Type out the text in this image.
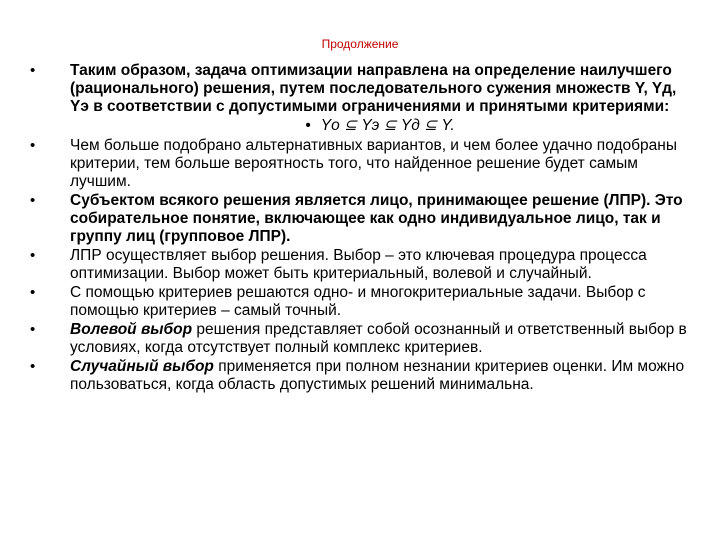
Продолжение
•	Таким образом, задача оптимизации направлена на определение наилучшего (рационального) решения, путем последовательного сужения множеств Y, Yд, Yэ в соответствии с допустимыми ограничениями и принятыми критериями:
• Yо ⊆ Yэ ⊆ Yд ⊆ Y.
•	Чем больше подобрано альтернативных вариантов, и чем более удачно подобраны критерии, тем больше вероятность того, что найденное решение будет самым лучшим.
•	Субъектом всякого решения является лицо, принимающее решение (ЛПР). Это собирательное понятие, включающее как одно индивидуальное лицо, так и группу лиц (групповое ЛПР).
•	ЛПР осуществляет выбор решения. Выбор – это ключевая процедура процесса оптимизации. Выбор может быть критериальный, волевой и случайный.
•	С помощью критериев решаются одно- и многокритериальные задачи. Выбор с помощью критериев – самый точный.
•	Волевой выбор решения представляет собой осознанный и ответственный выбор в условиях, когда отсутствует полный комплекс критериев.
•	Случайный выбор применяется при полном незнании критериев оценки. Им можно пользоваться, когда область допустимых решений минимальна.
